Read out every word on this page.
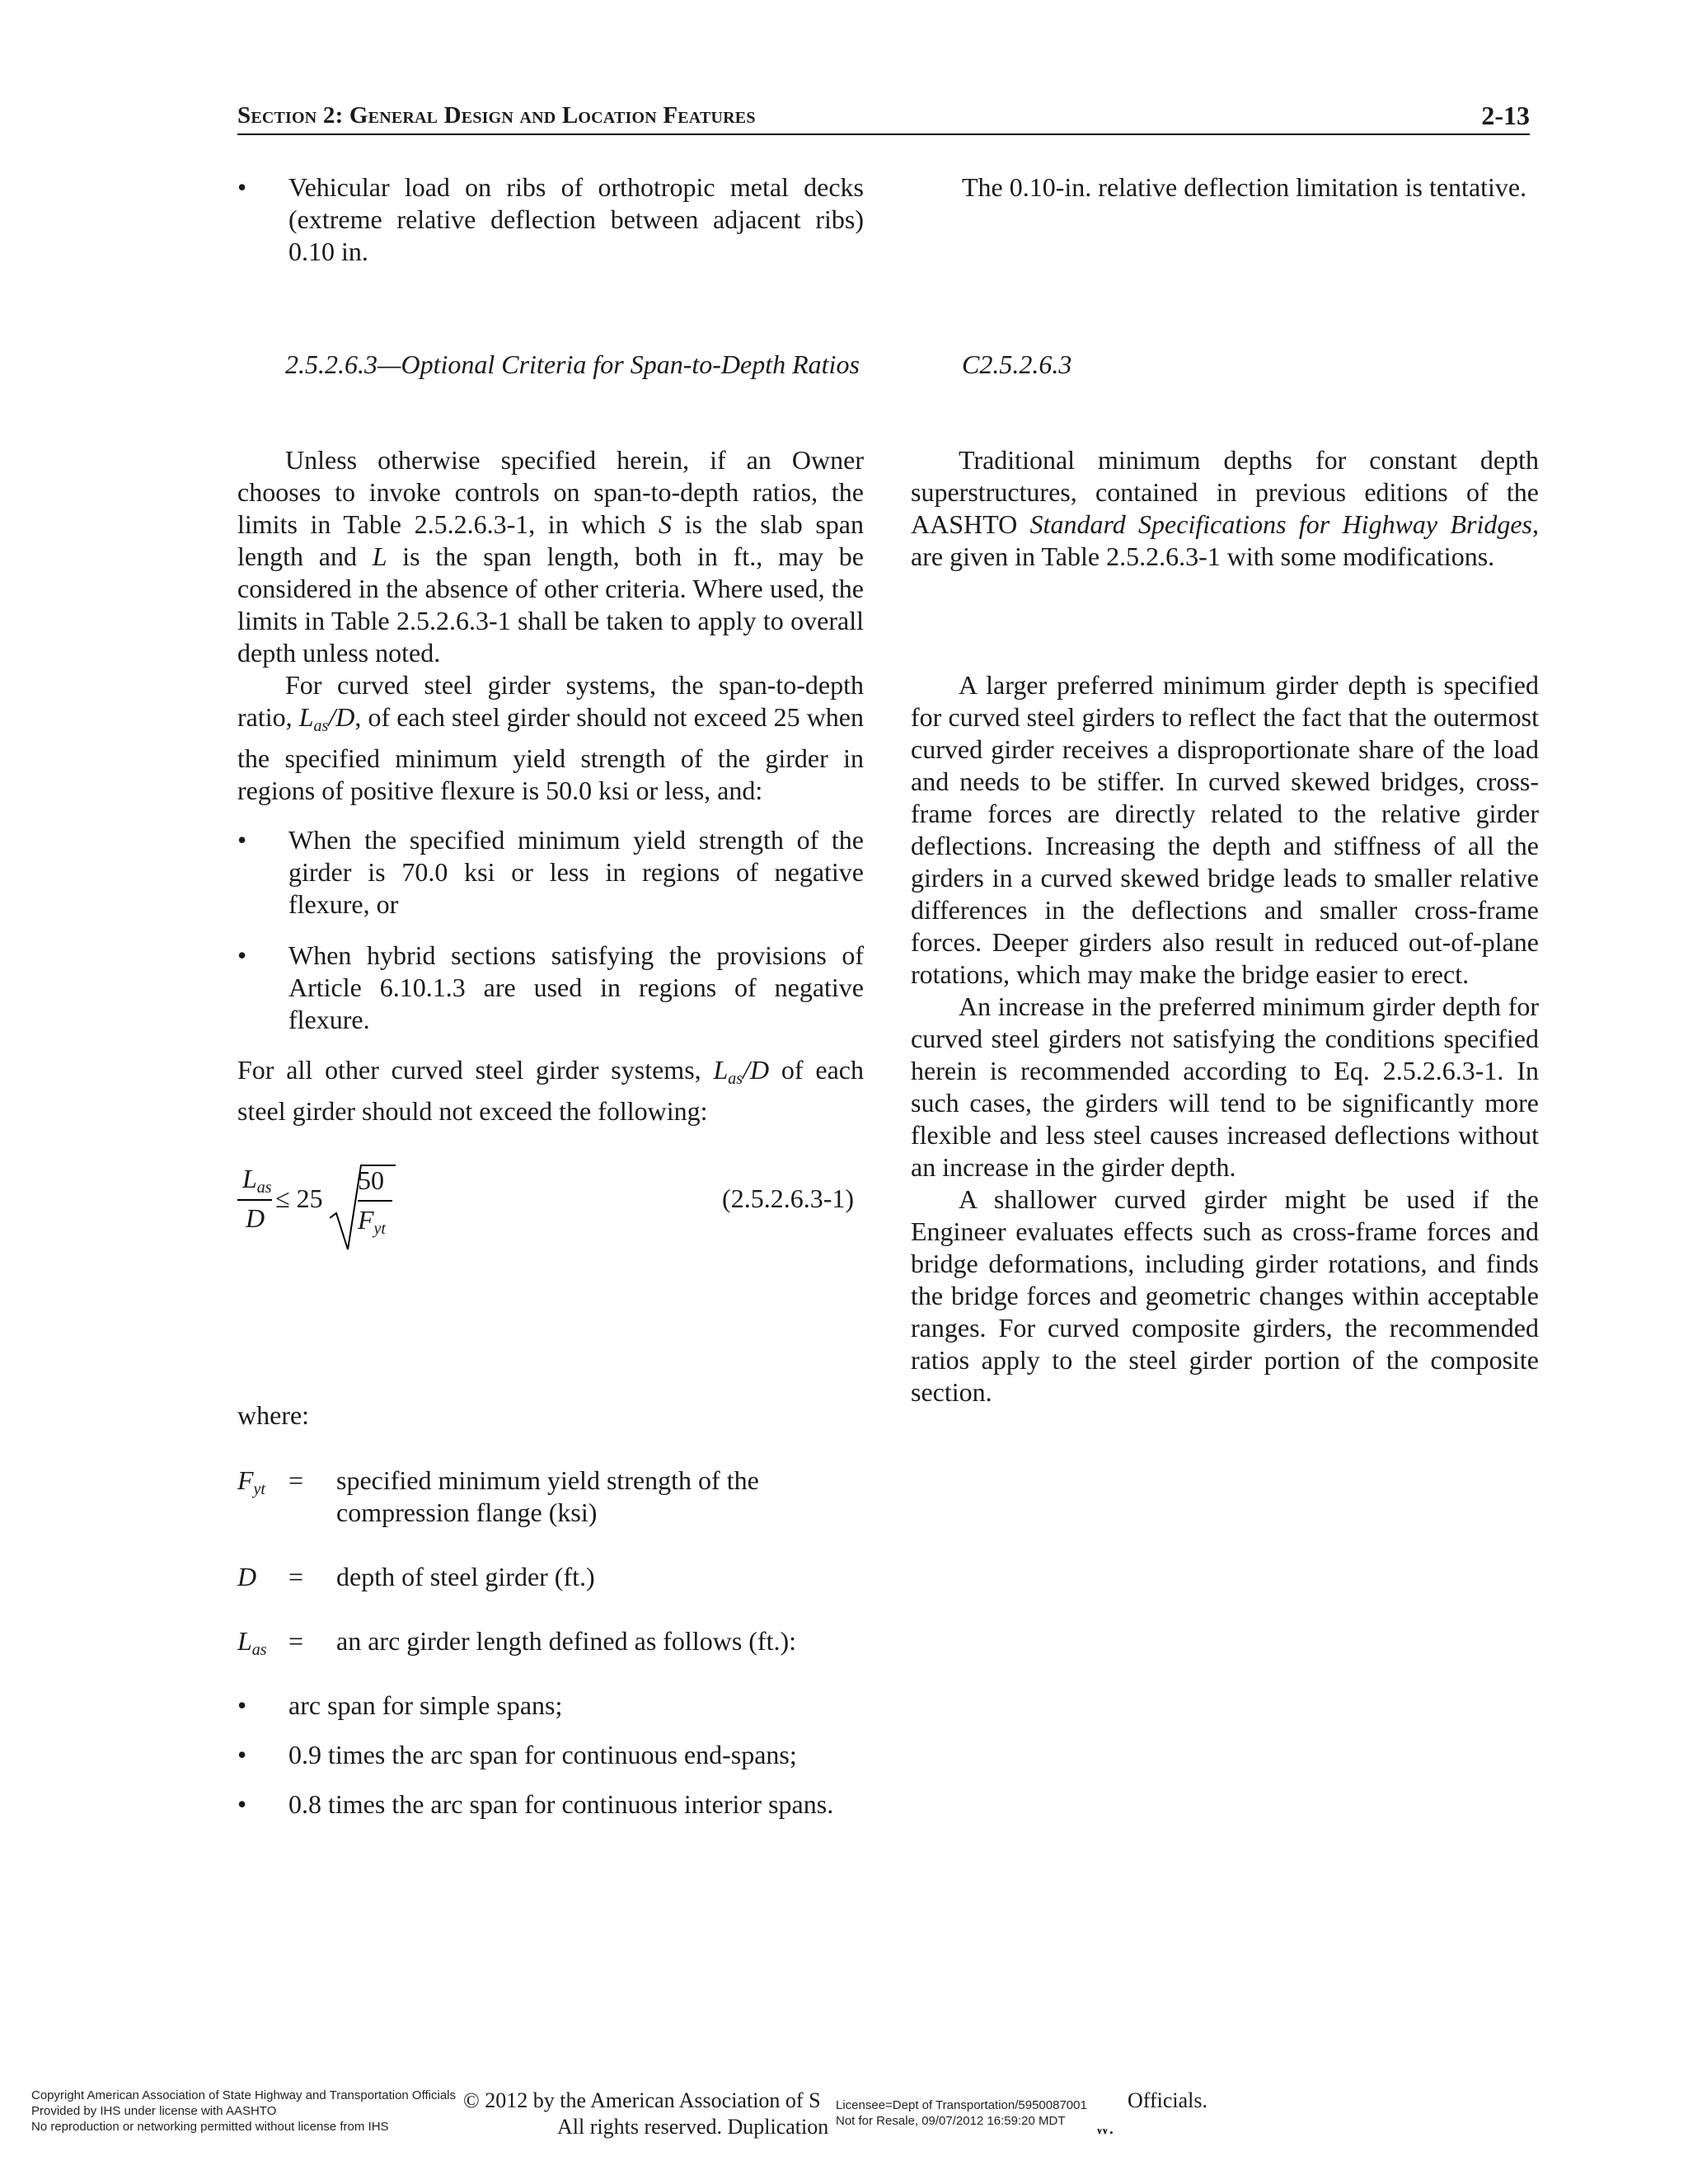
Section 2: General Design and Location Features	2-13

• Vehicular load on ribs of orthotropic metal decks (extreme relative deflection between adjacent ribs) 0.10 in.

2.5.2.6.3—Optional Criteria for Span-to-Depth Ratios

Unless otherwise specified herein, if an Owner chooses to invoke controls on span-to-depth ratios, the limits in Table 2.5.2.6.3-1, in which S is the slab span length and L is the span length, both in ft., may be considered in the absence of other criteria. Where used, the limits in Table 2.5.2.6.3-1 shall be taken to apply to overall depth unless noted.

For curved steel girder systems, the span-to-depth ratio, $L_{as}/D$, of each steel girder should not exceed 25 when the specified minimum yield strength of the girder in regions of positive flexure is 50.0 ksi or less, and:

• When the specified minimum yield strength of the girder is 70.0 ksi or less in regions of negative flexure, or

• When hybrid sections satisfying the provisions of Article 6.10.1.3 are used in regions of negative flexure.

For all other curved steel girder systems, $L_{as}/D$ of each steel girder should not exceed the following:

$L_{as}$
D
≤ 25
50
$F_{yt}$
(2.5.2.6.3-1)
where:
$F_{yt}$ = specified minimum yield strength of the compression flange (ksi)
D = depth of steel girder (ft.)
$L_{as}$ = an arc girder length defined as follows (ft.):

• arc span for simple spans;

• 0.9 times the arc span for continuous end-spans;

• 0.8 times the arc span for continuous interior spans.

The 0.10-in. relative deflection limitation is tentative.

C2.5.2.6.3

Traditional minimum depths for constant depth superstructures, contained in previous editions of the AASHTO Standard Specifications for Highway Bridges, are given in Table 2.5.2.6.3-1 with some modifications.

A larger preferred minimum girder depth is specified for curved steel girders to reflect the fact that the outermost curved girder receives a disproportionate share of the load and needs to be stiffer. In curved skewed bridges, cross-frame forces are directly related to the relative girder deflections. Increasing the depth and stiffness of all the girders in a curved skewed bridge leads to smaller relative differences in the deflections and smaller cross-frame forces. Deeper girders also result in reduced out-of-plane rotations, which may make the bridge easier to erect.

An increase in the preferred minimum girder depth for curved steel girders not satisfying the conditions specified herein is recommended according to Eq. 2.5.2.6.3-1. In such cases, the girders will tend to be significantly more flexible and less steel causes increased deflections without an increase in the girder depth.

A shallower curved girder might be used if the Engineer evaluates effects such as cross-frame forces and bridge deformations, including girder rotations, and finds the bridge forces and geometric changes within acceptable ranges. For curved composite girders, the recommended ratios apply to the steel girder portion of the composite section.

Copyright American Association of State Highway and Transportation Officials
Provided by IHS under license with AASHTO
No reproduction or networking permitted without license from IHS
© 2012 by the American Association of S	Officials.
All rights reserved. Duplication
Licensee=Dept of Transportation/5950087001
Not for Resale, 09/07/2012 16:59:20 MDT
